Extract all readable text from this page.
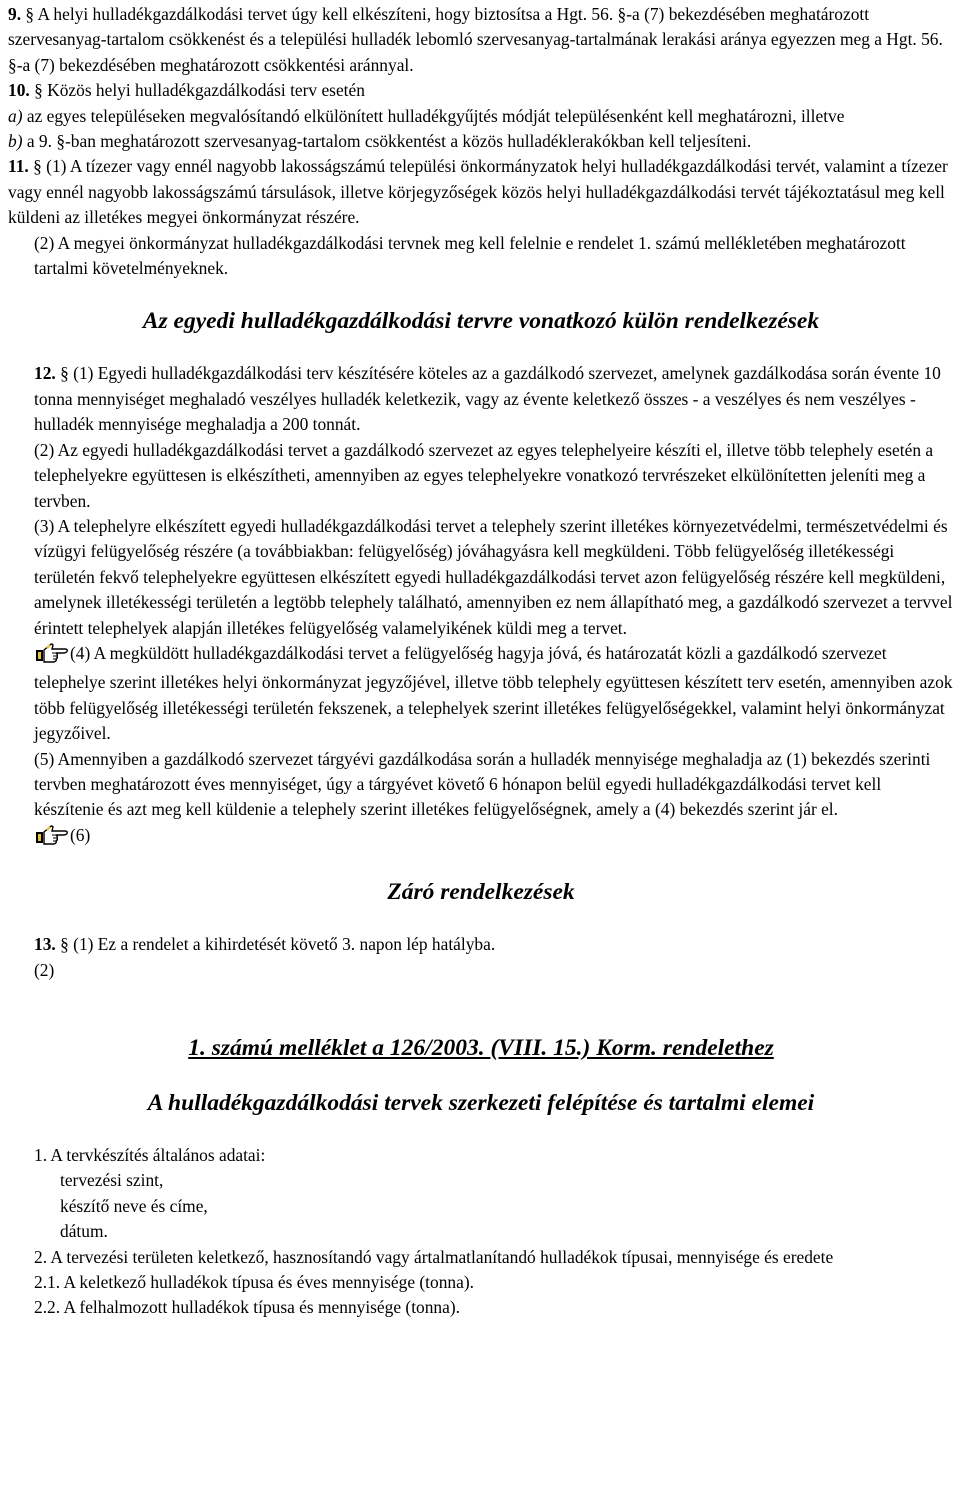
9. § A helyi hulladékgazdálkodási tervet úgy kell elkészíteni, hogy biztosítsa a Hgt. 56. §-a (7) bekezdésében meghatározott szervesanyag-tartalom csökkenést és a települési hulladék lebomló szervesanyag-tartalmának lerakási aránya egyezzen meg a Hgt. 56. §-a (7) bekezdésében meghatározott csökkentési aránnyal.

10. § Közös helyi hulladékgazdálkodási terv esetén

a) az egyes településeken megvalósítandó elkülönített hulladékgyűjtés módját településenként kell meghatározni, illetve

b) a 9. §-ban meghatározott szervesanyag-tartalom csökkentést a közös hulladéklerakókban kell teljesíteni.

11. § (1) A tízezer vagy ennél nagyobb lakosságszámú települési önkormányzatok helyi hulladékgazdálkodási tervét, valamint a tízezer vagy ennél nagyobb lakosságszámú társulások, illetve körjegyzőségek közös helyi hulladékgazdálkodási tervét tájékoztatásul meg kell küldeni az illetékes megyei önkormányzat részére.

(2) A megyei önkormányzat hulladékgazdálkodási tervnek meg kell felelnie e rendelet 1. számú mellékletében meghatározott tartalmi követelményeknek.

Az egyedi hulladékgazdálkodási tervre vonatkozó külön rendelkezések

12. § (1) Egyedi hulladékgazdálkodási terv készítésére köteles az a gazdálkodó szervezet, amelynek gazdálkodása során évente 10 tonna mennyiséget meghaladó veszélyes hulladék keletkezik, vagy az évente keletkező összes - a veszélyes és nem veszélyes - hulladék mennyisége meghaladja a 200 tonnát.

(2) Az egyedi hulladékgazdálkodási tervet a gazdálkodó szervezet az egyes telephelyeire készíti el, illetve több telephely esetén a telephelyekre együttesen is elkészítheti, amennyiben az egyes telephelyekre vonatkozó tervrészeket elkülönítetten jeleníti meg a tervben.

(3) A telephelyre elkészített egyedi hulladékgazdálkodási tervet a telephely szerint illetékes környezetvédelmi, természetvédelmi és vízügyi felügyelőség részére (a továbbiakban: felügyelőség) jóváhagyásra kell megküldeni. Több felügyelőség illetékességi területén fekvő telephelyekre együttesen elkészített egyedi hulladékgazdálkodási tervet azon felügyelőség részére kell megküldeni, amelynek illetékességi területén a legtöbb telephely található, amennyiben ez nem állapítható meg, a gazdálkodó szervezet a tervvel érintett telephelyek alapján illetékes felügyelőség valamelyikének küldi meg a tervet.

(4) A megküldött hulladékgazdálkodási tervet a felügyelőség hagyja jóvá, és határozatát közli a gazdálkodó szervezet telephelye szerint illetékes helyi önkormányzat jegyzőjével, illetve több telephely együttesen készített terv esetén, amennyiben azok több felügyelőség illetékességi területén fekszenek, a telephelyek szerint illetékes felügyelőségekkel, valamint helyi önkormányzat jegyzőivel.

(5) Amennyiben a gazdálkodó szervezet tárgyévi gazdálkodása során a hulladék mennyisége meghaladja az (1) bekezdés szerinti tervben meghatározott éves mennyiséget, úgy a tárgyévet követő 6 hónapon belül egyedi hulladékgazdálkodási tervet kell készítenie és azt meg kell küldenie a telephely szerint illetékes felügyelőségnek, amely a (4) bekezdés szerint jár el.

(6)

Záró rendelkezések

13. § (1) Ez a rendelet a kihirdetését követő 3. napon lép hatályba.

(2)

1. számú melléklet a 126/2003. (VIII. 15.) Korm. rendelethez

A hulladékgazdálkodási tervek szerkezeti felépítése és tartalmi elemei

1. A tervkészítés általános adatai:

tervezési szint,

készítő neve és címe,

dátum.

2. A tervezési területen keletkező, hasznosítandó vagy ártalmatlanítandó hulladékok típusai, mennyisége és eredete

2.1. A keletkező hulladékok típusa és éves mennyisége (tonna).

2.2. A felhalmozott hulladékok típusa és mennyisége (tonna).
